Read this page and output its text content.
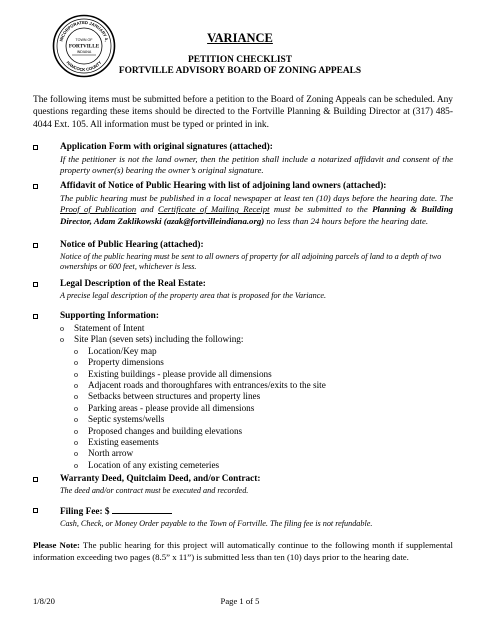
INCORPORATED JANUARY 4,
HANCOCK COUNTY
TOWN OF
FORTVILLE
INDIANA
VARIANCE
PETITION CHECKLIST
FORTVILLE ADVISORY BOARD OF ZONING APPEALS
The following items must be submitted before a petition to the Board of Zoning Appeals can be scheduled. Any questions regarding these items should be directed to the Fortville Planning & Building Director at (317) 485-4044 Ext. 105. All information must be typed or printed in ink.
Application Form with original signatures (attached):
If the petitioner is not the land owner, then the petition shall include a notarized affidavit and consent of the property owner(s) bearing the owner’s original signature.
Affidavit of Notice of Public Hearing with list of adjoining land owners (attached):
The public hearing must be published in a local newspaper at least ten (10) days before the hearing date. The Proof of Publication and Certificate of Mailing Receipt must be submitted to the Planning & Building Director, Adam Zaklikowski (azak@fortvilleindiana.org) no less than 24 hours before the hearing date.
Notice of Public Hearing (attached):
Notice of the public hearing must be sent to all owners of property for all adjoining parcels of land to a depth of two ownerships or 600 feet, whichever is less.
Legal Description of the Real Estate:
A precise legal description of the property area that is proposed for the Variance.
Supporting Information:
o Statement of Intent
o Site Plan (seven sets) including the following:
o Location/Key map
o Property dimensions
o Existing buildings - please provide all dimensions
o Adjacent roads and thoroughfares with entrances/exits to the site
o Setbacks between structures and property lines
o Parking areas - please provide all dimensions
o Septic systems/wells
o Proposed changes and building elevations
o Existing easements
o North arrow
o Location of any existing cemeteries
Warranty Deed, Quitclaim Deed, and/or Contract:
The deed and/or contract must be executed and recorded.
Filing Fee: $
Cash, Check, or Money Order payable to the Town of Fortville. The filing fee is not refundable.
Please Note: The public hearing for this project will automatically continue to the following month if supplemental information exceeding two pages (8.5” x 11”) is submitted less than ten (10) days prior to the hearing date.
1/8/20	Page 1 of 5
